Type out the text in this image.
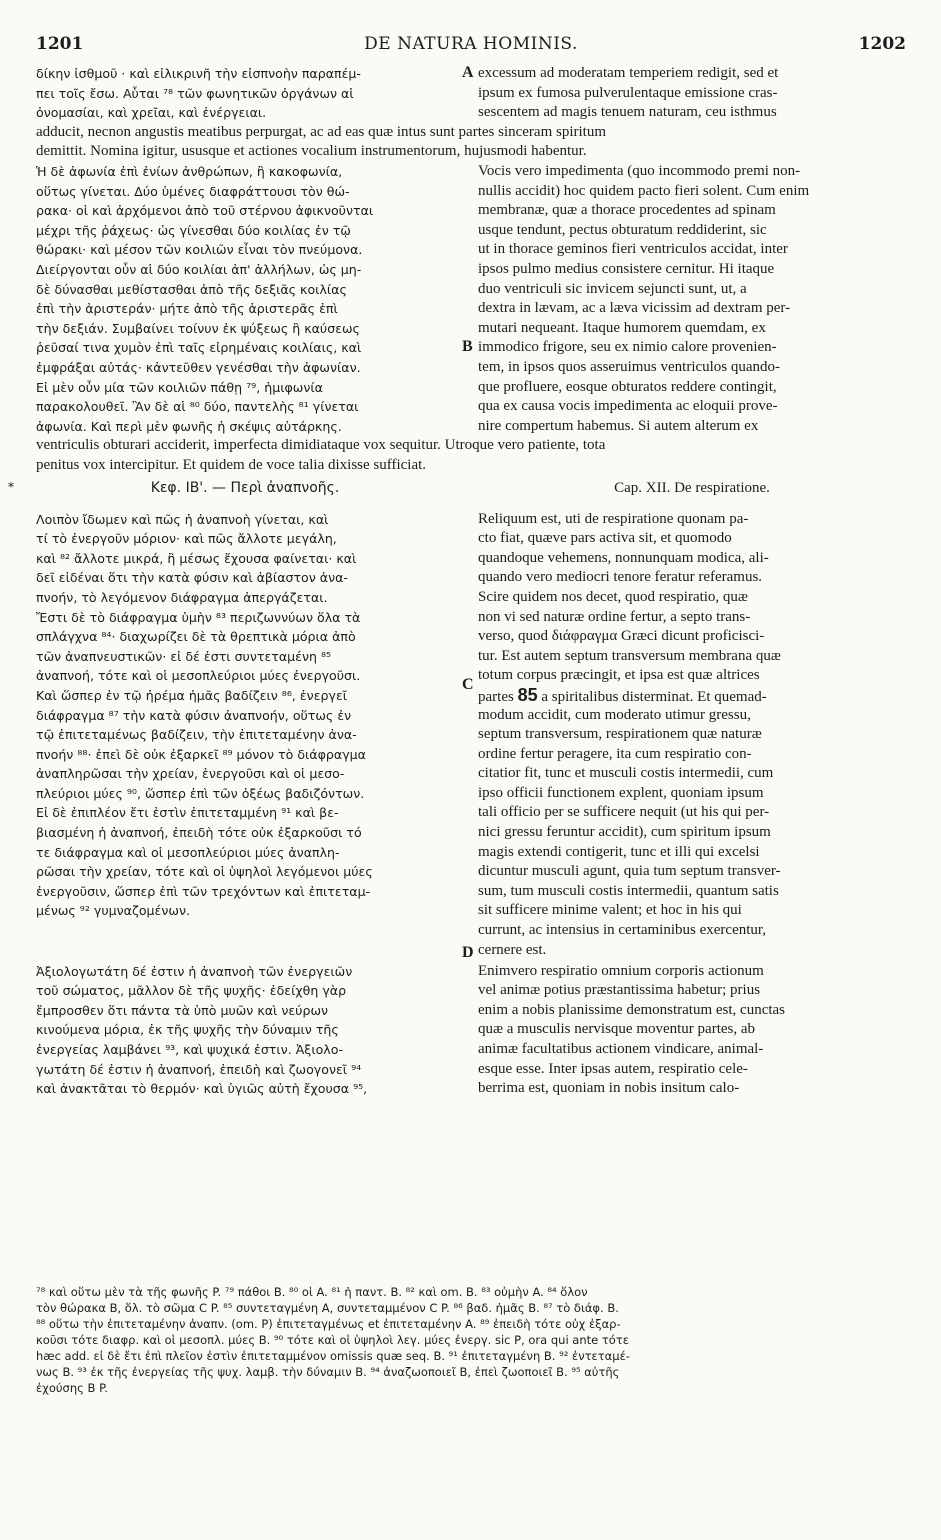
1201	DE NATURA HOMINIS.	1202
δίκην ἰσθμοῦ · καὶ εἰλικρινῆ τὴν εἰσπνοὴν παραπέμ-
πει τοῖς ἔσω. Αὗται ⁷⁸ τῶν φωνητικῶν ὀργάνων αἱ
ὀνομασίαι, καὶ χρεῖαι, καὶ ἐνέργειαι.
A excessum ad moderatam temperiem redigit, sed et
ipsum ex fumosa pulverulentaque emissione cras-
sescentem ad magis tenuem naturam, ceu isthmus
adducit, necnon angustis meatibus perpurgat, ac ad eas quæ intus sunt partes sinceram spiritum
demittit. Nomina igitur, ususque et actiones vocalium instrumentorum, hujusmodi habentur.
Ἡ δὲ ἀφωνία ἐπὶ ἐνίων ἀνθρώπων, ἢ κακοφωνία,
οὕτως γίνεται. Δύο ὑμένες διαφράττουσι τὸν θώ-
ρακα· οἱ καὶ ἀρχόμενοι ἀπὸ τοῦ στέρνου ἀφικνοῦνται
μέχρι τῆς ῥάχεως· ὡς γίνεσθαι δύο κοιλίας ἐν τῷ
θώρακι· καὶ μέσον τῶν κοιλιῶν εἶναι τὸν πνεύμονα.
Διείργονται οὖν αἱ δύο κοιλίαι ἀπ' ἀλλήλων, ὡς μη-
δὲ δύνασθαι μεθίστασθαι ἀπὸ τῆς δεξιᾶς κοιλίας
ἐπὶ τὴν ἀριστεράν· μήτε ἀπὸ τῆς ἀριστερᾶς ἐπὶ
τὴν δεξιάν. Συμβαίνει τοίνυν ἐκ ψύξεως ἢ καύσεως
ῥεῦσαί τινα χυμὸν ἐπὶ ταῖς εἰρημέναις κοιλίαις, καὶ
ἐμφράξαι αὐτάς· κἀντεῦθεν γενέσθαι τὴν ἀφωνίαν.
Εἰ μὲν οὖν μία τῶν κοιλιῶν πάθῃ ⁷⁹, ἡμιφωνία
παρακολουθεῖ. Ἂν δὲ αἱ ⁸⁰ δύο, παντελὴς ⁸¹ γίνεται
ἀφωνία. Καὶ περὶ μὲν φωνῆς ἡ σκέψις αὐτάρκης.
B
Vocis vero impedimenta (quo incommodo premi non-
nullis accidit) hoc quidem pacto fieri solent. Cum enim
membranæ, quæ a thorace procedentes ad spinam
usque tendunt, pectus obturatum reddiderint, sic
ut in thorace geminos fieri ventriculos accidat, inter
ipsos pulmo medius consistere cernitur. Hi itaque
duo ventriculi sic invicem sejuncti sunt, ut, a
dextra in lævam, ac a læva vicissim ad dextram per-
mutari nequeant. Itaque humorem quemdam, ex
immodico frigore, seu ex nimio calore provenien-
tem, in ipsos quos asseruimus ventriculos quando-
que profluere, eosque obturatos reddere contingit,
qua ex causa vocis impedimenta ac eloquii prove-
nire compertum habemus. Si autem alterum ex
ventriculis obturari acciderit, imperfecta dimidiataque vox sequitur. Utroque vero patiente, tota
penitus vox intercipitur. Et quidem de voce talia dixisse sufficiat.
*	Κεφ. ΙΒ'. — Περὶ ἀναπνοῆς.
Λοιπὸν ἴδωμεν καὶ πῶς ἡ ἀναπνοὴ γίνεται, καὶ
τί τὸ ἐνεργοῦν μόριον· καὶ πῶς ἄλλοτε μεγάλη,
καὶ ⁸² ἄλλοτε μικρά, ἢ μέσως ἔχουσα φαίνεται· καὶ
δεῖ εἰδέναι ὅτι τὴν κατὰ φύσιν καὶ ἀβίαστον ἀνα-
πνοήν, τὸ λεγόμενον διάφραγμα ἀπεργάζεται.
Ἔστι δὲ τὸ διάφραγμα ὑμὴν ⁸³ περιζωννύων ὅλα τὰ
σπλάγχνα ⁸⁴· διαχωρίζει δὲ τὰ θρεπτικὰ μόρια ἀπὸ
τῶν ἀναπνευστικῶν· εἰ δέ ἐστι συντεταμένη ⁸⁵
ἀναπνοή, τότε καὶ οἱ μεσοπλεύριοι μύες ἐνεργοῦσι.
Καὶ ὥσπερ ἐν τῷ ἠρέμα ἡμᾶς βαδίζειν ⁸⁶, ἐνεργεῖ
διάφραγμα ⁸⁷ τὴν κατὰ φύσιν ἀναπνοήν, οὕτως ἐν
τῷ ἐπιτεταμένως βαδίζειν, τὴν ἐπιτεταμένην ἀνα-
πνοήν ⁸⁸· ἐπεὶ δὲ οὐκ ἐξαρκεῖ ⁸⁹ μόνον τὸ διάφραγμα
ἀναπληρῶσαι τὴν χρείαν, ἐνεργοῦσι καὶ οἱ μεσο-
πλεύριοι μύες ⁹⁰, ὥσπερ ἐπὶ τῶν ὀξέως βαδιζόντων.
Εἰ δὲ ἐπιπλέον ἔτι ἐστὶν ἐπιτεταμμένη ⁹¹ καὶ βε-
βιασμένη ἡ ἀναπνοή, ἐπειδὴ τότε οὐκ ἐξαρκοῦσι τό
τε διάφραγμα καὶ οἱ μεσοπλεύριοι μύες ἀναπλη-
ρῶσαι τὴν χρείαν, τότε καὶ οἱ ὑψηλοὶ λεγόμενοι μύες
ἐνεργοῦσιν, ὥσπερ ἐπὶ τῶν τρεχόντων καὶ ἐπιτεταμ-
μένως ⁹² γυμναζομένων.
C
D
Cap. XII. De respiratione.
Reliquum est, uti de respiratione quonam pa-
cto fiat, quæve pars activa sit, et quomodo
quandoque vehemens, nonnunquam modica, ali-
quando vero mediocri tenore feratur referamus.
Scire quidem nos decet, quod respiratio, quæ
non vi sed naturæ ordine fertur, a septo trans-
verso, quod διάφραγμα Græci dicunt proficisci-
tur. Est autem septum transversum membrana quæ
totum corpus præcingit, et ipsa est quæ altrices
partes 85 a spiritalibus disterminat. Et quemad-
modum accidit, cum moderato utimur gressu,
septum transversum, respirationem quæ naturæ
ordine fertur peragere, ita cum respiratio con-
citatior fit, tunc et musculi costis intermedii, cum
ipso officii functionem explent, quoniam ipsum
tali officio per se sufficere nequit (ut his qui per-
nici gressu feruntur accidit), cum spiritum ipsum
magis extendi contigerit, tunc et illi qui excelsi
dicuntur musculi agunt, quia tum septum transver-
sum, tum musculi costis intermedii, quantum satis
sit sufficere minime valent; et hoc in his qui
currunt, ac intensius in certaminibus exercentur,
cernere est.
Ἀξιολογωτάτη δέ ἐστιν ἡ ἀναπνοὴ τῶν ἐνεργειῶν
τοῦ σώματος, μᾶλλον δὲ τῆς ψυχῆς· ἐδείχθη γὰρ
ἔμπροσθεν ὅτι πάντα τὰ ὑπὸ μυῶν καὶ νεύρων
κινούμενα μόρια, ἐκ τῆς ψυχῆς τὴν δύναμιν τῆς
ἐνεργείας λαμβάνει ⁹³, καὶ ψυχικά ἐστιν. Ἀξιολο-
γωτάτη δέ ἐστιν ἡ ἀναπνοή, ἐπειδὴ καὶ ζωογονεῖ ⁹⁴
καὶ ἀνακτᾶται τὸ θερμόν· καὶ ὑγιῶς αὐτὴ ἔχουσα ⁹⁵,
Enimvero respiratio omnium corporis actionum
vel animæ potius præstantissima habetur; prius
enim a nobis planissime demonstratum est, cunctas
quæ a musculis nervisque moventur partes, ab
animæ facultatibus actionem vindicare, animal-
esque esse. Inter ipsas autem, respiratio cele-
berrima est, quoniam in nobis insitum calo-
⁷⁸ καὶ οὕτω μὲν τὰ τῆς φωνῆς P. ⁷⁹ πάθοι B. ⁸⁰ οἱ A. ⁸¹ ἡ παντ. B. ⁸² καὶ om. B. ⁸³ οὐμὴν A. ⁸⁴ ὅλον
τὸν θώρακα B, ὅλ. τὸ σῶμα C P. ⁸⁵ συντεταγμένη A, συντεταμμένον C P. ⁸⁶ βαδ. ἡμᾶς B. ⁸⁷ τὸ διάφ. B.
⁸⁸ οὕτω τὴν ἐπιτεταμένην ἀναπν. (om. P) ἐπιτεταγμένως et ἐπιτεταμένην A. ⁸⁹ ἐπειδὴ τότε οὐχ ἐξαρ-
κοῦσι τότε διαφρ. καὶ οἱ μεσοπλ. μύες B. ⁹⁰ τότε καὶ οἱ ὑψηλοὶ λεγ. μύες ἐνεργ. sic P, ora qui ante τότε
hæc add. εἰ δὲ ἔτι ἐπὶ πλεῖον ἐστὶν ἐπιτεταμμένον omissis quæ seq. B. ⁹¹ ἐπιτεταγμένη B. ⁹² ἐντεταμέ-
νως B. ⁹³ ἐκ τῆς ἐνεργείας τῆς ψυχ. λαμβ. τὴν δύναμιν B. ⁹⁴ ἀναζωοποιεῖ B, ἐπεὶ ζωοποιεῖ B. ⁹⁵ αὐτῆς
ἐχούσης B P.
